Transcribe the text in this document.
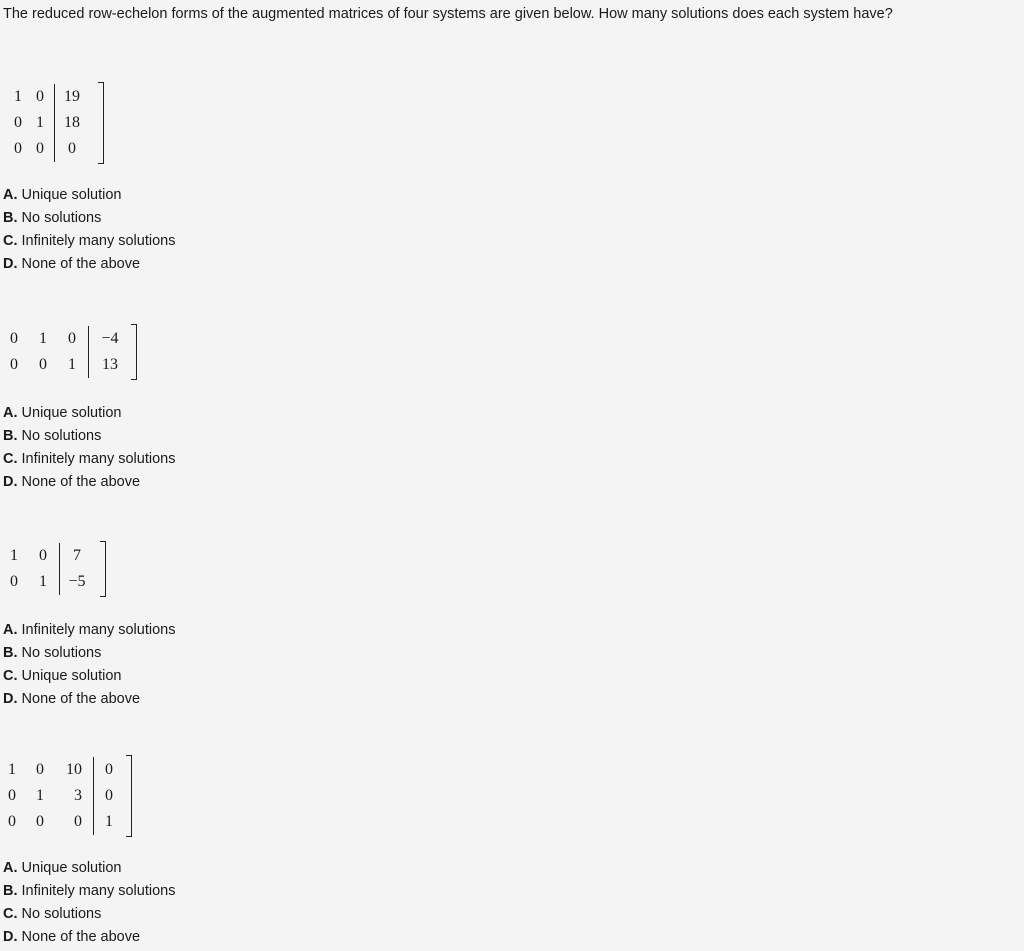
The reduced row-echelon forms of the augmented matrices of four systems are given below. How many solutions does each system have?
1	0	19
0	1	18
0	0	0
A. Unique solution
B. No solutions
C. Infinitely many solutions
D. None of the above
0	1	0	−4
0	0	1	13
A. Unique solution
B. No solutions
C. Infinitely many solutions
D. None of the above
1	0	7
0	1	−5
A. Infinitely many solutions
B. No solutions
C. Unique solution
D. None of the above
1	0	10	0
0	1	3	0
0	0	0	1
A. Unique solution
B. Infinitely many solutions
C. No solutions
D. None of the above
